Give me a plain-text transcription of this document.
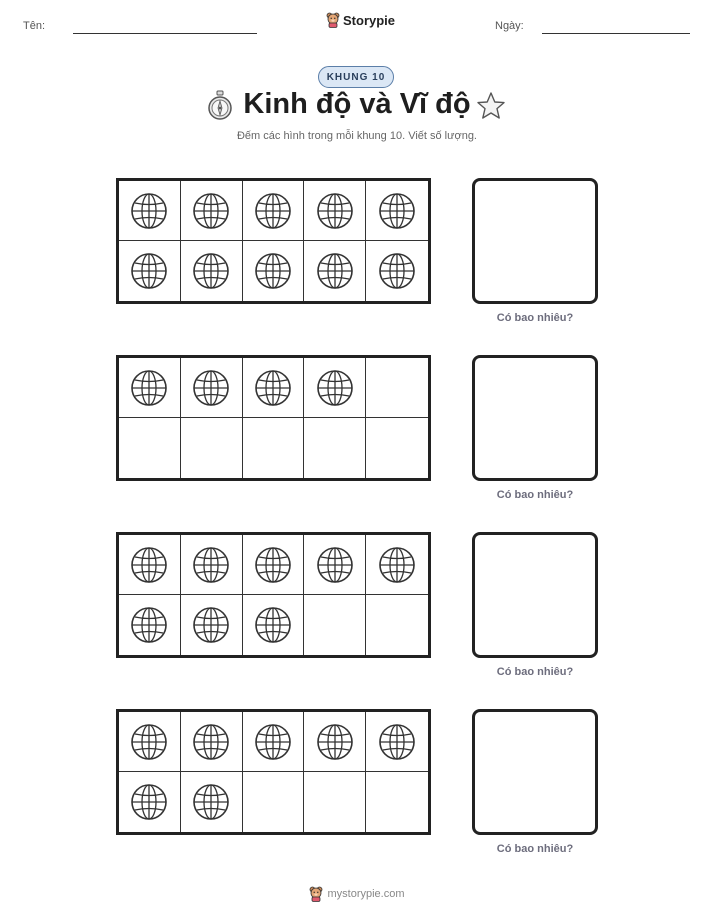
Tên:	Storypie	Ngày:
KHUNG 10
Kinh độ và Vĩ độ
Đếm các hình trong mỗi khung 10. Viết số lượng.
Có bao nhiêu?
Có bao nhiêu?
Có bao nhiêu?
Có bao nhiêu?
mystorypie.com
